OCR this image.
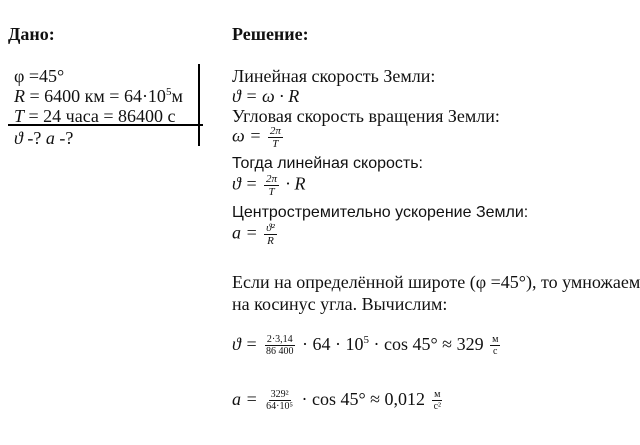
Дано:
φ =45°
R = 6400 км = $64\cdot 10^5м$
T = 24 часа = 86400 с
ϑ -? a -?
Решение:
Линейная скорость Земли:
ϑ = ω · R
Угловая скорость вращения Земли:
$\omega = \frac{2\pi}{T}$
Тогда линейная скорость:
$ϑ = \frac{2\pi}{T} \cdot R$
Центростремительно ускорение Земли:
$a = \frac{\text{ϑ²}}{R}$
Если на определённой широте (φ =45°), то умножаем
на косинус угла. Вычислим:
$ϑ = \frac{2\cdot 3,14}{86 400} \cdot 64 \cdot 10^5 \cdot \cos 45^\circ \approx 329 \frac{м}{с}$
$a = \frac{\text{329²}}{\text{64·10⁵}} \cdot \cos 45^\circ \approx 0,012 \frac{м}{\text{с²}}$
